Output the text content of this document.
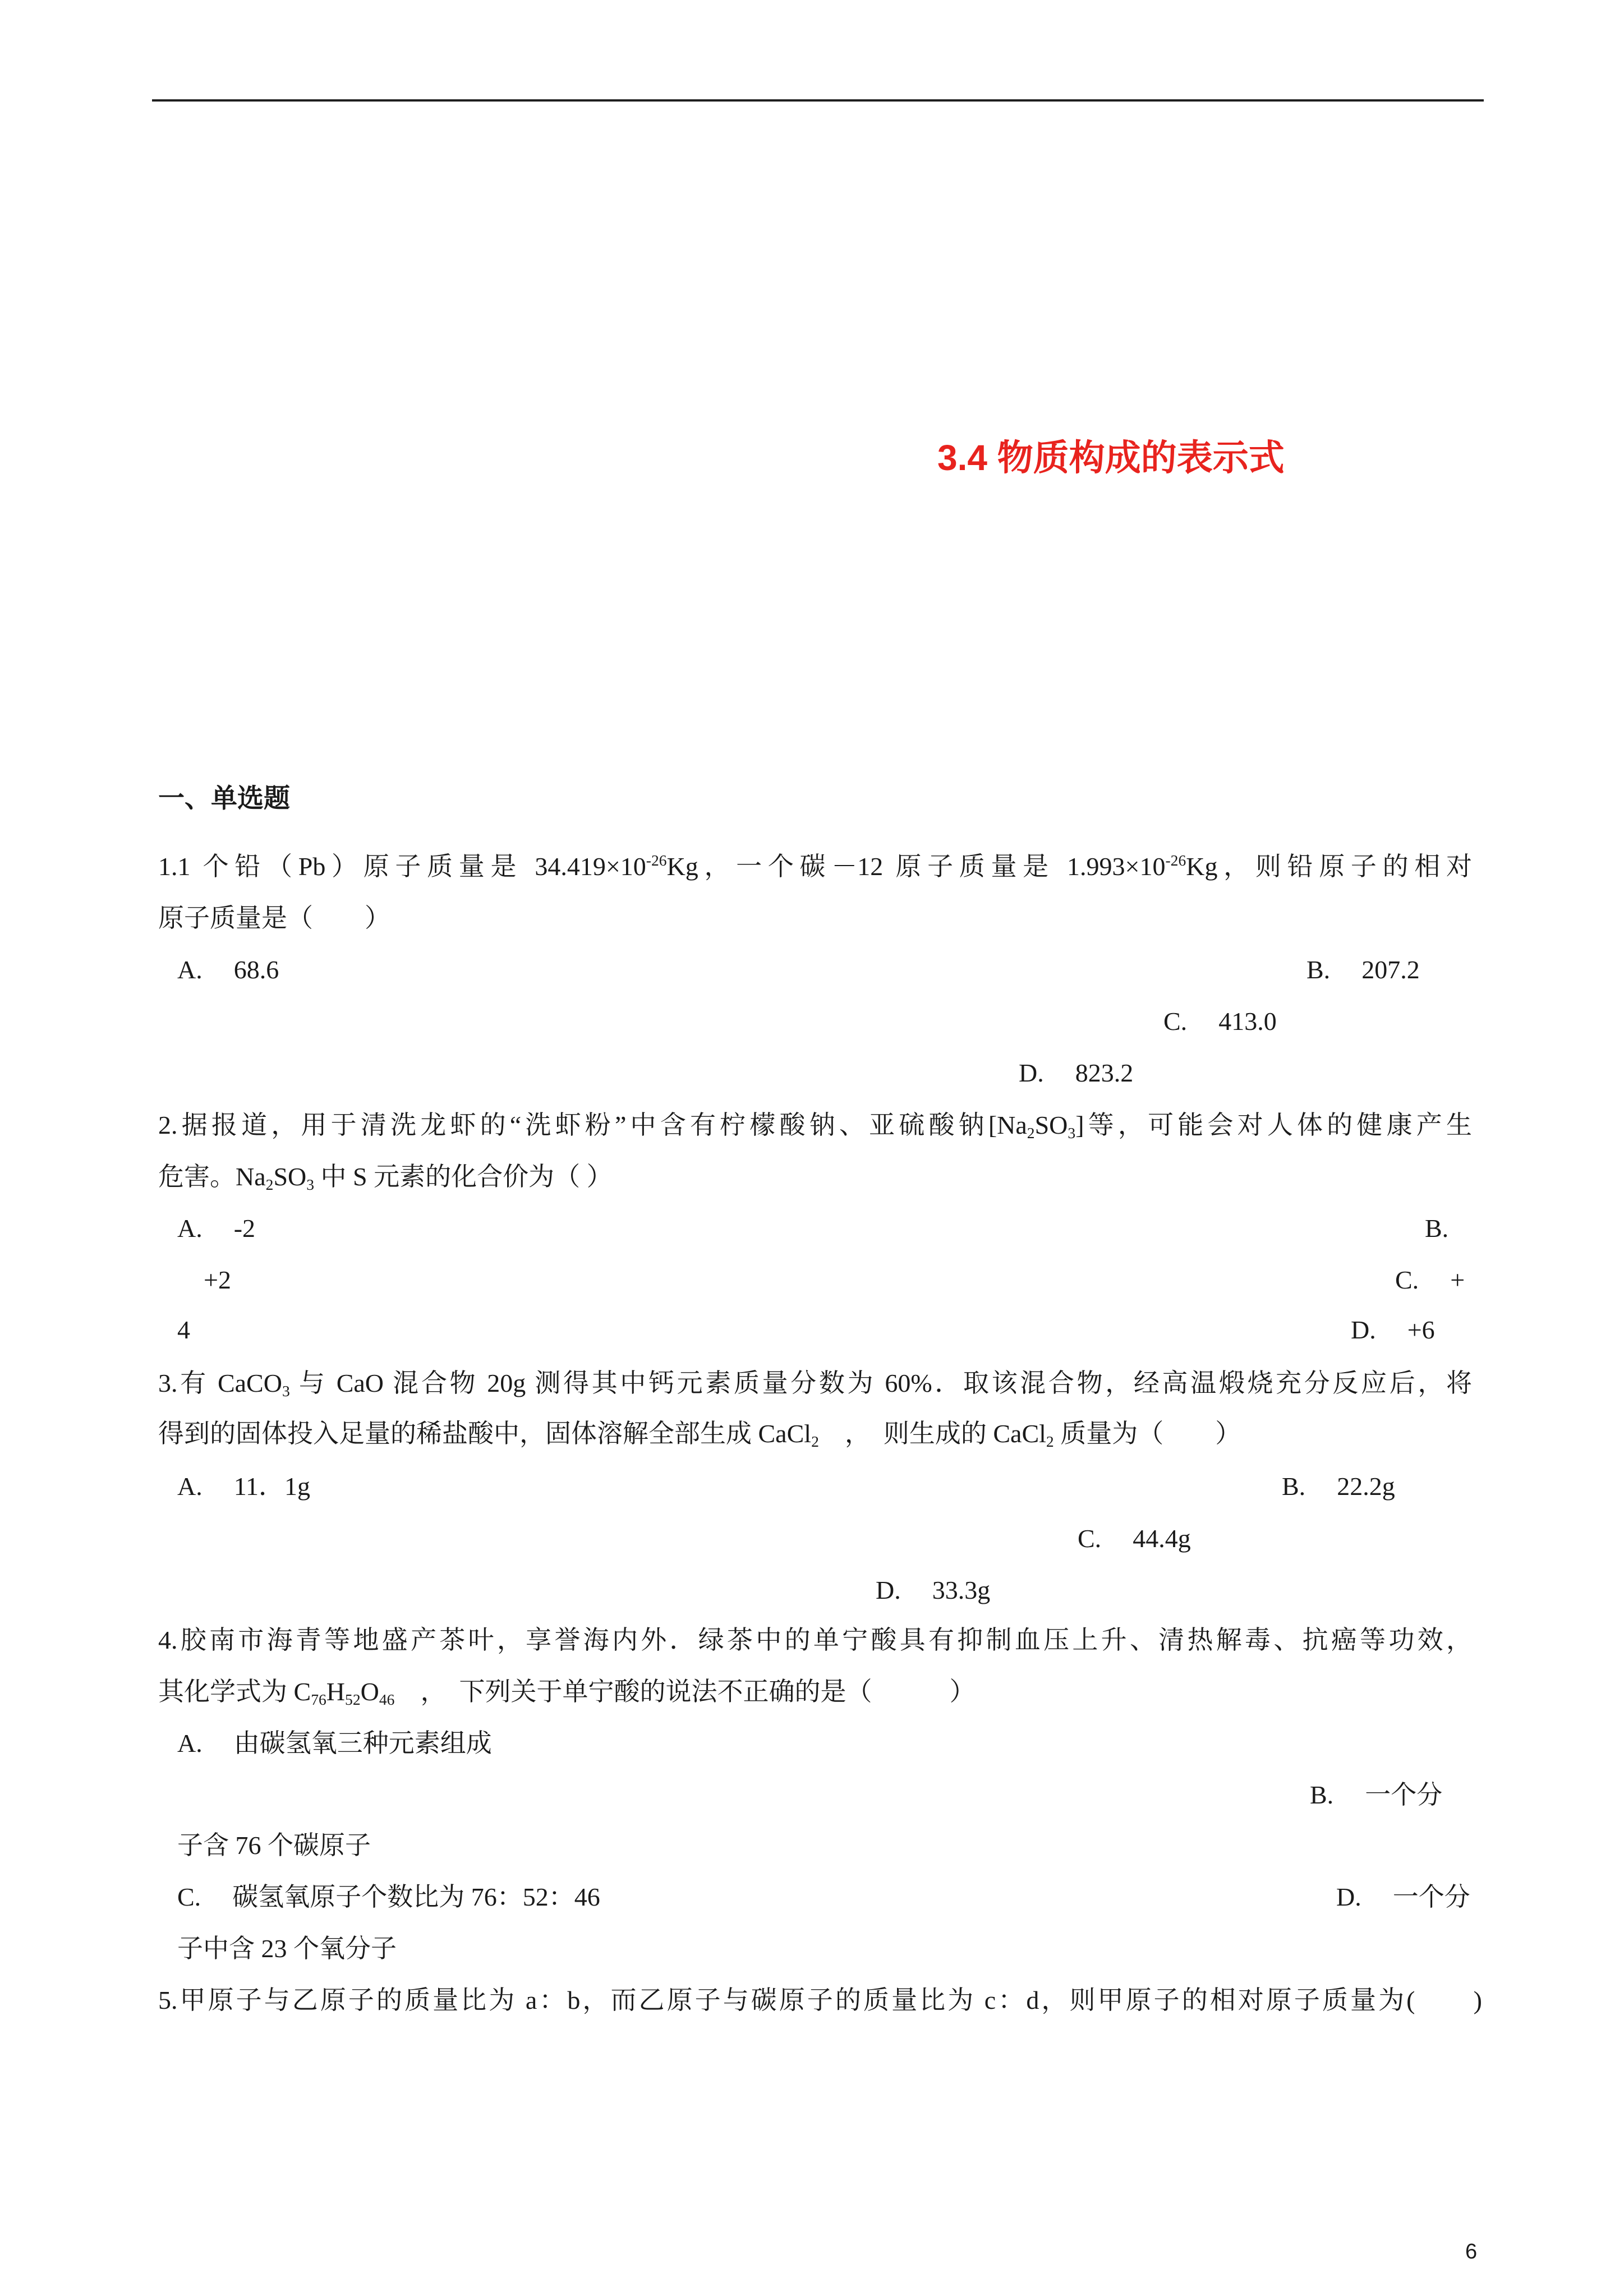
3.4 物质构成的表示式
一、单选题
1.1 个铅（Pb）原子质量是 $34.419\times 10^{-26}Kg$，一个碳－12 原子质量是 $1.993\times 10^{-26}Kg$，则铅原子的相对
原子质量是（　　）
A. 68.6	B. 207.2
C. 413.0
D. 823.2
2.据报道，用于清洗龙虾的“洗虾粉”中含有柠檬酸钠、亚硫酸钠[Na2SO3]等，可能会对人体的健康产生
危害。Na2SO3 中 S 元素的化合价为（ ）
A. -2	B.
+2	C. +
4	D. +6
3.有 CaCO3 与 CaO 混合物 20g 测得其中钙元素质量分数为 60%．取该混合物，经高温煅烧充分反应后，将
得到的固体投入足量的稀盐酸中，固体溶解全部生成 CaCl2　，　则生成的 CaCl2 质量为（　　）
A. 11．1g	B. 22.2g
C. 44.4g
D. 33.3g
4.胶南市海青等地盛产茶叶，享誉海内外．绿茶中的单宁酸具有抑制血压上升、清热解毒、抗癌等功效，
其化学式为 C76H52O46　，　下列关于单宁酸的说法不正确的是（　　　）
A. 由碳氢氧三种元素组成
B. 一个分
子含 76 个碳原子
C. 碳氢氧原子个数比为 76：52：46	D. 一个分
子中含 23 个氧分子
5.甲原子与乙原子的质量比为 a：b，而乙原子与碳原子的质量比为 c：d，则甲原子的相对原子质量为(　　)
6
